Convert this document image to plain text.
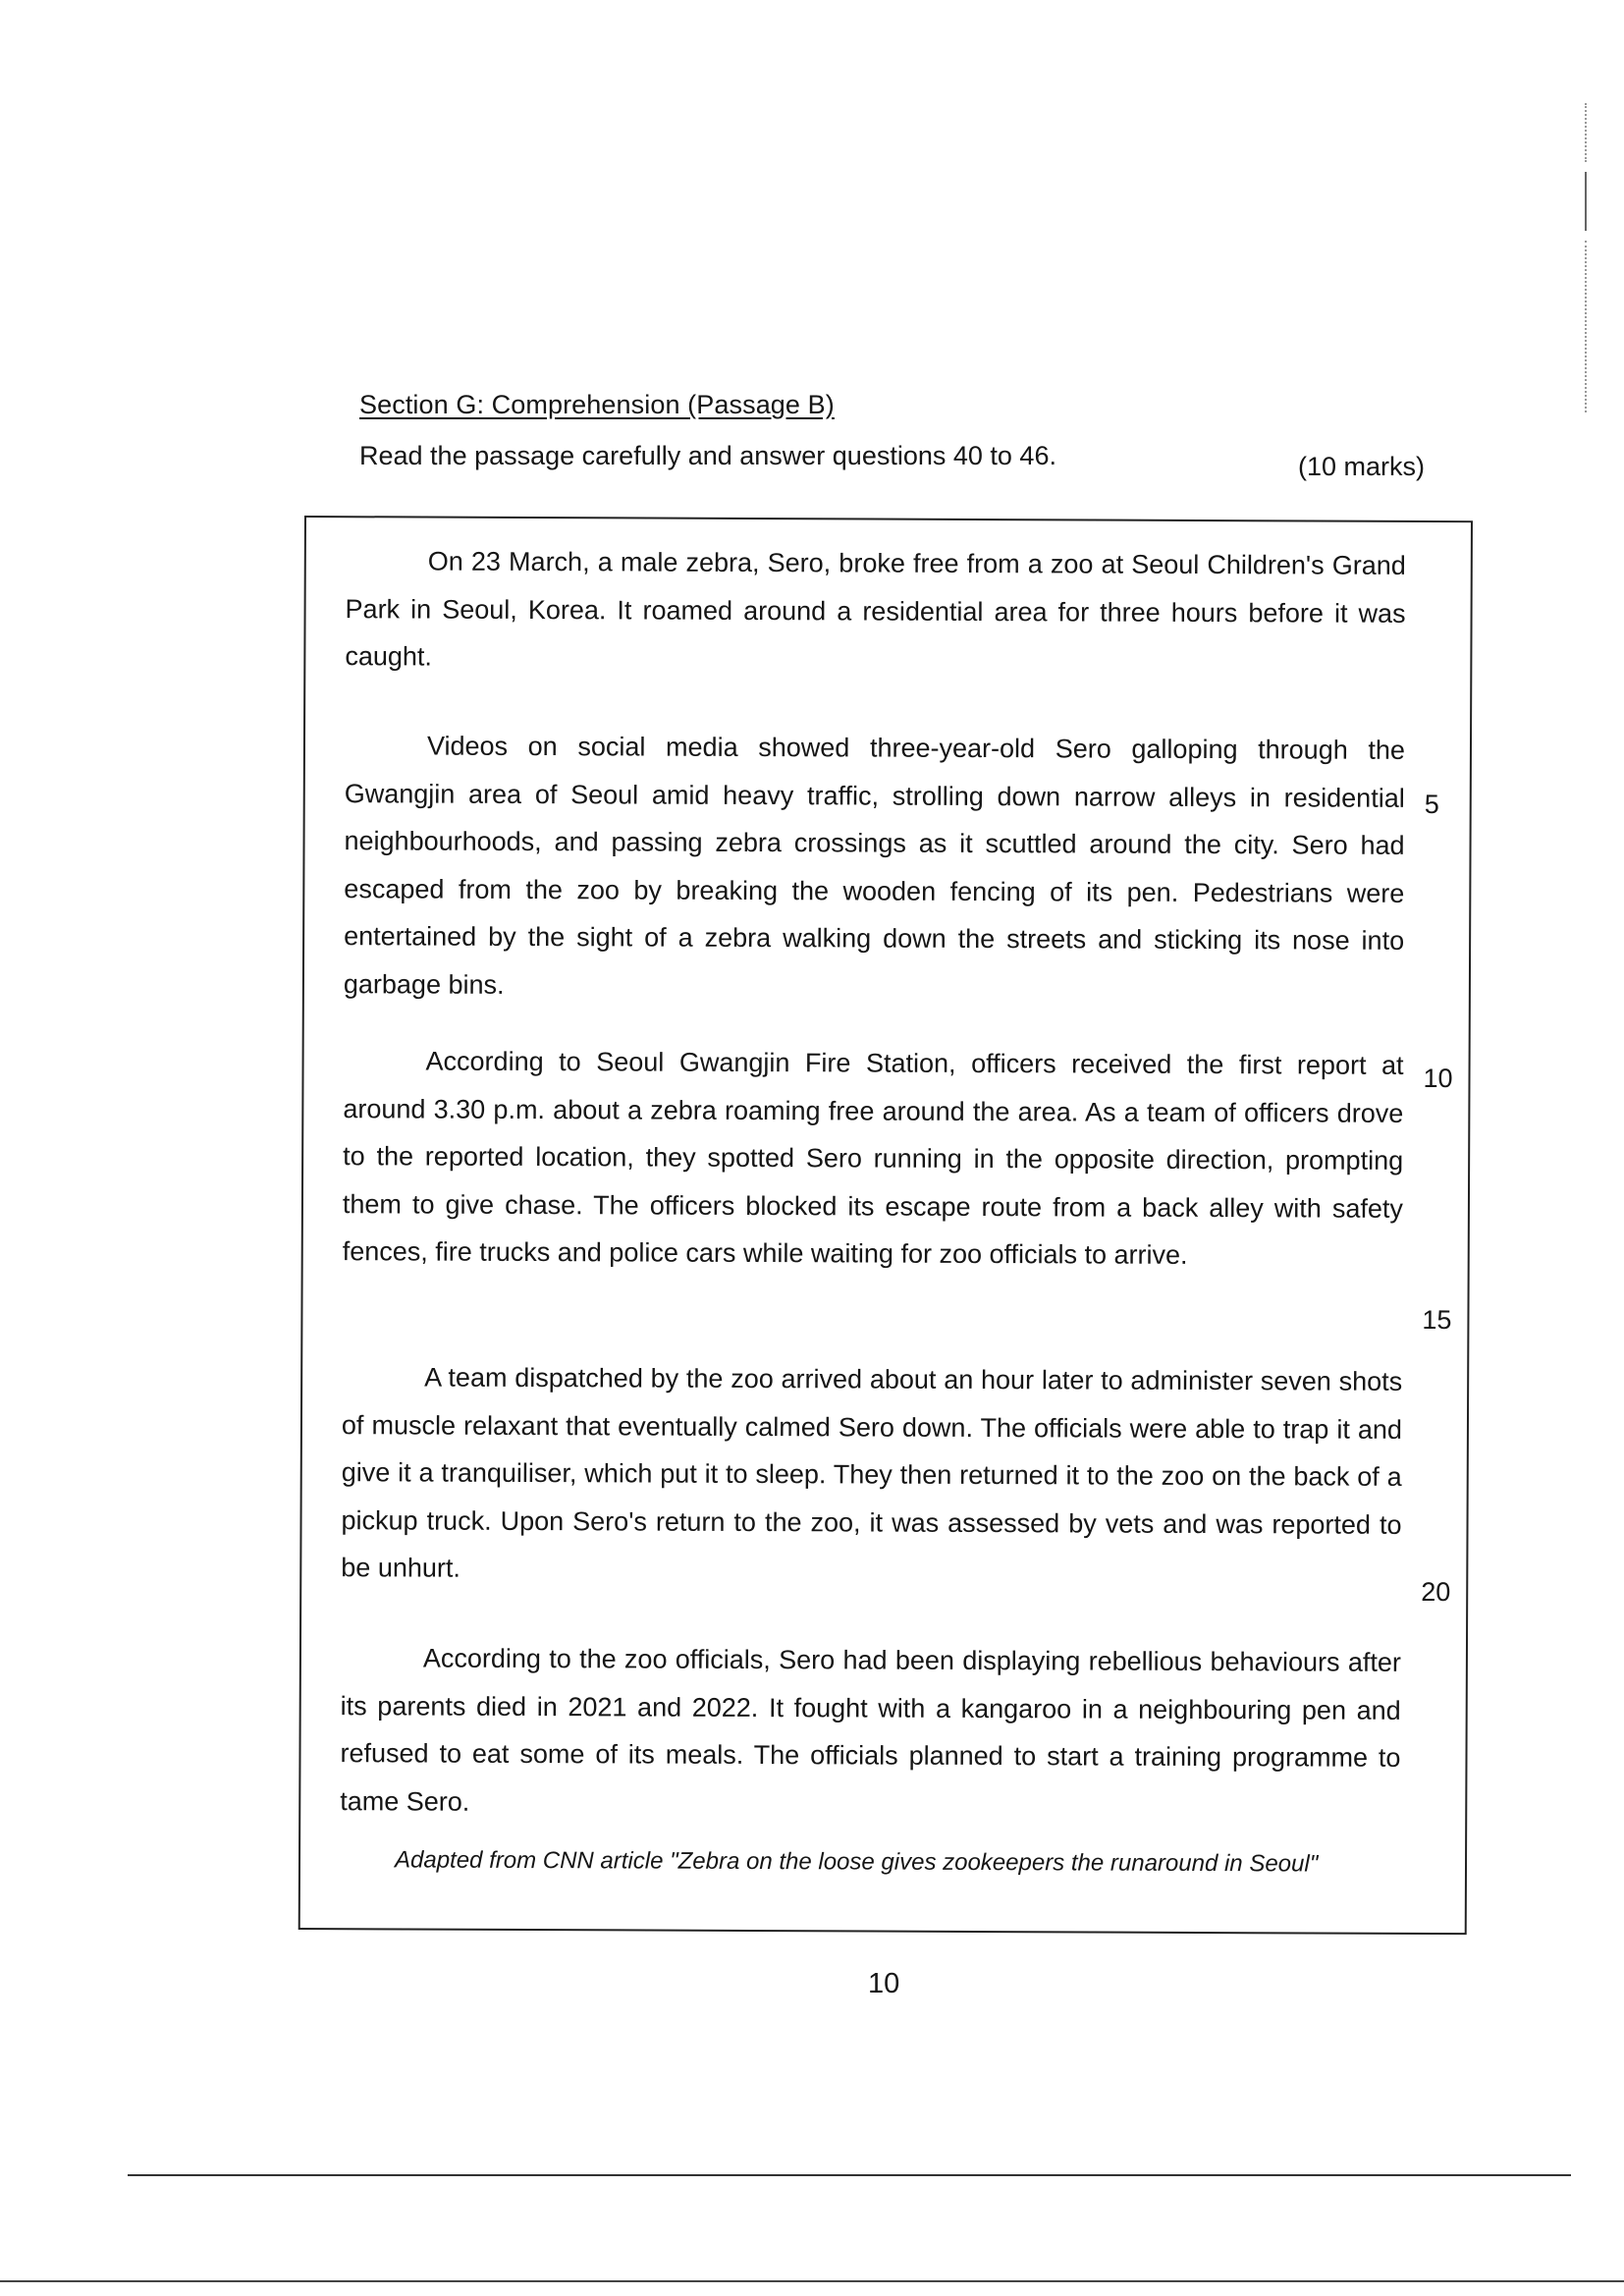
Section G: Comprehension (Passage B)
Read the passage carefully and answer questions 40 to 46.	(10 marks)

On 23 March, a male zebra, Sero, broke free from a zoo at Seoul Children's Grand Park in Seoul, Korea. It roamed around a residential area for three hours before it was caught.

Videos on social media showed three-year-old Sero galloping through the Gwangjin area of Seoul amid heavy traffic, strolling down narrow alleys in residential neighbourhoods, and passing zebra crossings as it scuttled around the city. Sero had escaped from the zoo by breaking the wooden fencing of its pen. Pedestrians were entertained by the sight of a zebra walking down the streets and sticking its nose into garbage bins.

According to Seoul Gwangjin Fire Station, officers received the first report at around 3.30 p.m. about a zebra roaming free around the area. As a team of officers drove to the reported location, they spotted Sero running in the opposite direction, prompting them to give chase. The officers blocked its escape route from a back alley with safety fences, fire trucks and police cars while waiting for zoo officials to arrive.

A team dispatched by the zoo arrived about an hour later to administer seven shots of muscle relaxant that eventually calmed Sero down. The officials were able to trap it and give it a tranquiliser, which put it to sleep. They then returned it to the zoo on the back of a pickup truck. Upon Sero's return to the zoo, it was assessed by vets and was reported to be unhurt.

According to the zoo officials, Sero had been displaying rebellious behaviours after its parents died in 2021 and 2022. It fought with a kangaroo in a neighbouring pen and refused to eat some of its meals. The officials planned to start a training programme to tame Sero.

5
10
15
20
Adapted from CNN article "Zebra on the loose gives zookeepers the runaround in Seoul"
10
